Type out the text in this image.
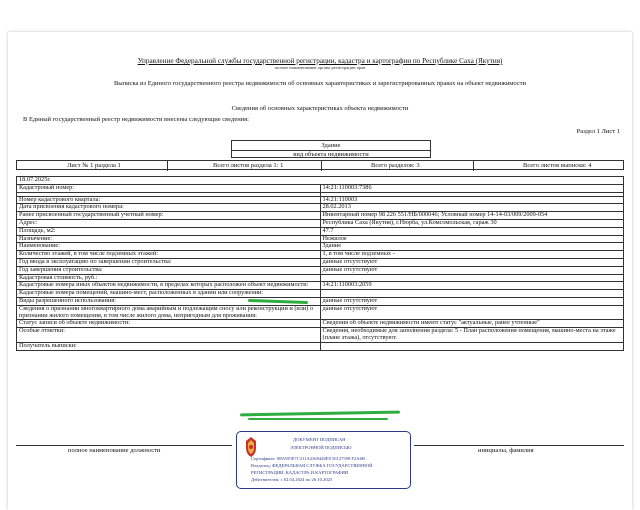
Управление Федеральной службы государственной регистрации, кадастра и картографии по Республике Саха (Якутия)
полное наименование органа регистрации прав
Выписка из Единого государственного реестра недвижимости об основных характеристиках и зарегистрированных правах на объект недвижимости
Сведения об основных характеристиках объекта недвижимости
В Единый государственный реестр недвижимости внесены следующие сведения:
Раздел 1 Лист 1
Здание
вид объекта недвижимости
Лист № 1 раздела 1	Всего листов раздела 1: 1	Всего разделов: 3	Всего листов выписки: 4
18.07.2025г.	
Кадастровый номер:	14:21:110003:7386

Номер кадастрового квартала:	14:21:110003
Дата присвоения кадастрового номера:	28.02.2013
Ранее присвоенный государственный учетный номер:	Инвентарный номер 98 226 551/НБ/000046; Условный номер 14-14-03/009/2009-054
Адрес:	Республика Саха (Якутия), г.Нюрба, ул.Комсомольская, гараж 30
Площадь, м2:	47.7
Назначение:	Нежилое
Наименование:	Здание
Количество этажей, в том числе подземных этажей:	1, в том числе подземных -
Год ввода в эксплуатацию по завершении строительства:	данные отсутствуют
Год завершения строительства:	данные отсутствуют
Кадастровая стоимость, руб.:	
Кадастровые номера иных объектов недвижимости, в пределах которых расположен объект недвижимости:	14:21:110003:2059
Кадастровые номера помещений, машино-мест, расположенных в здании или сооружении:	
Виды разрешенного использования:	данные отсутствуют
Сведения о признании многоквартирного дома аварийным и подлежащим сносу или реконструкции и (или) о признании жилого помещения, в том числе жилого дома, непригодным для проживания:	данные отсутствуют
Статус записи об объекте недвижимости:	Сведения об объекте недвижимости имеют статус "актуальные, ранее учтенные"
Особые отметки:	Сведения, необходимые для заполнения раздела: 5 - План расположения помещения, машино-места на этаже (плане этажа), отсутствуют.
Получатель выписки:	
полное наименование должности	инициалы, фамилия
ДОКУМЕНТ ПОДПИСАН
ЭЛЕКТРОННОЙ ПОДПИСЬЮ
Сертификат: 009A95E7C311A2369440F8 56127598 F2A6B
Владелец: ФЕДЕРАЛЬНАЯ СЛУЖБА ГОСУДАРСТВЕННОЙ
РЕГИСТРАЦИИ, КАДАСТРА И КАРТОГРАФИИ
Действителен: с 02.04.2024 по 26.10.2025
